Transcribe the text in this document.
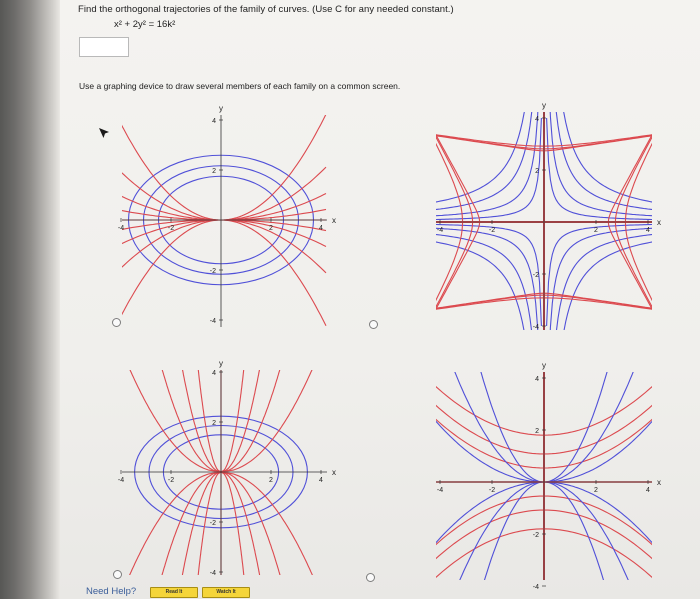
Find the orthogonal trajectories of the family of curves. (Use C for any needed constant.)
x² + 2y² = 16k²
Use a graphing device to draw several members of each family on a common screen.
x
y
-4	-2	2	4
-2
2
4
-4
x
y
-4	-2	2	4
-2
2
4
-4
x
y
-4	-2	2	4
-2
2
4
-4
x
y
-4	-2	2	4
-2
2
4
-4
Need Help?	Read It	Watch It
